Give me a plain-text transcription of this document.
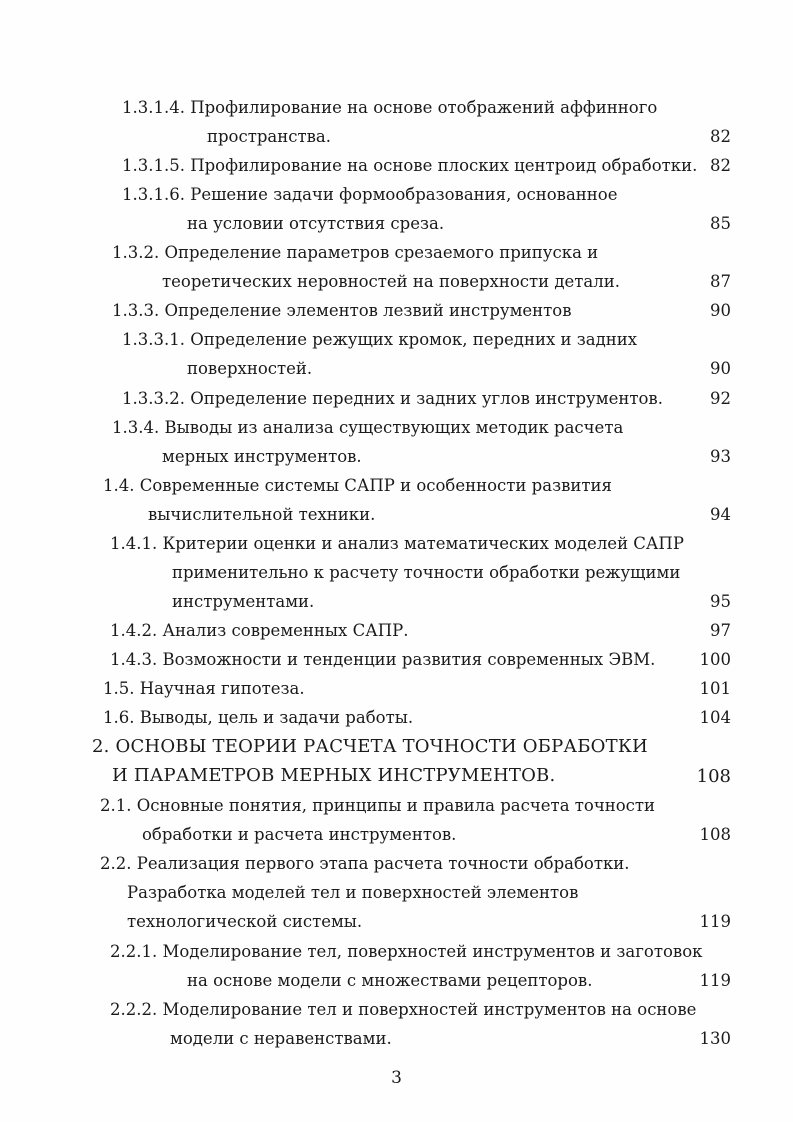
1.3.1.4. Профилирование на основе отображений аффинного
пространства.	82
1.3.1.5. Профилирование на основе плоских центроид обработки. 82
1.3.1.6. Решение задачи формообразования, основанное
на условии отсутствия среза.	85
1.3.2. Определение параметров срезаемого припуска и
теоретических неровностей на поверхности детали.	87
1.3.3. Определение элементов лезвий инструментов	90
1.3.3.1. Определение режущих кромок, передних и задних
поверхностей.	90
1.3.3.2. Определение передних и задних углов инструментов.	92
1.3.4. Выводы из анализа существующих методик расчета
мерных инструментов.	93
1.4. Современные системы САПР и особенности развития
вычислительной техники.	94
1.4.1. Критерии оценки и анализ математических моделей САПР
применительно к расчету точности обработки режущими
инструментами.	95
1.4.2. Анализ современных САПР.	97
1.4.3. Возможности и тенденции развития современных ЭВМ.	100
1.5. Научная гипотеза.	101
1.6. Выводы, цель и задачи работы.	104
2. ОСНОВЫ ТЕОРИИ РАСЧЕТА ТОЧНОСТИ ОБРАБОТКИ
И ПАРАМЕТРОВ МЕРНЫХ ИНСТРУМЕНТОВ.	108
2.1. Основные понятия, принципы и правила расчета точности
обработки и расчета инструментов.	108
2.2. Реализация первого этапа расчета точности обработки.
Разработка моделей тел и поверхностей элементов
технологической системы.	119
2.2.1. Моделирование тел, поверхностей инструментов и заготовок
на основе модели с множествами рецепторов.	119
2.2.2. Моделирование тел и поверхностей инструментов на основе
модели с неравенствами.	130
3
